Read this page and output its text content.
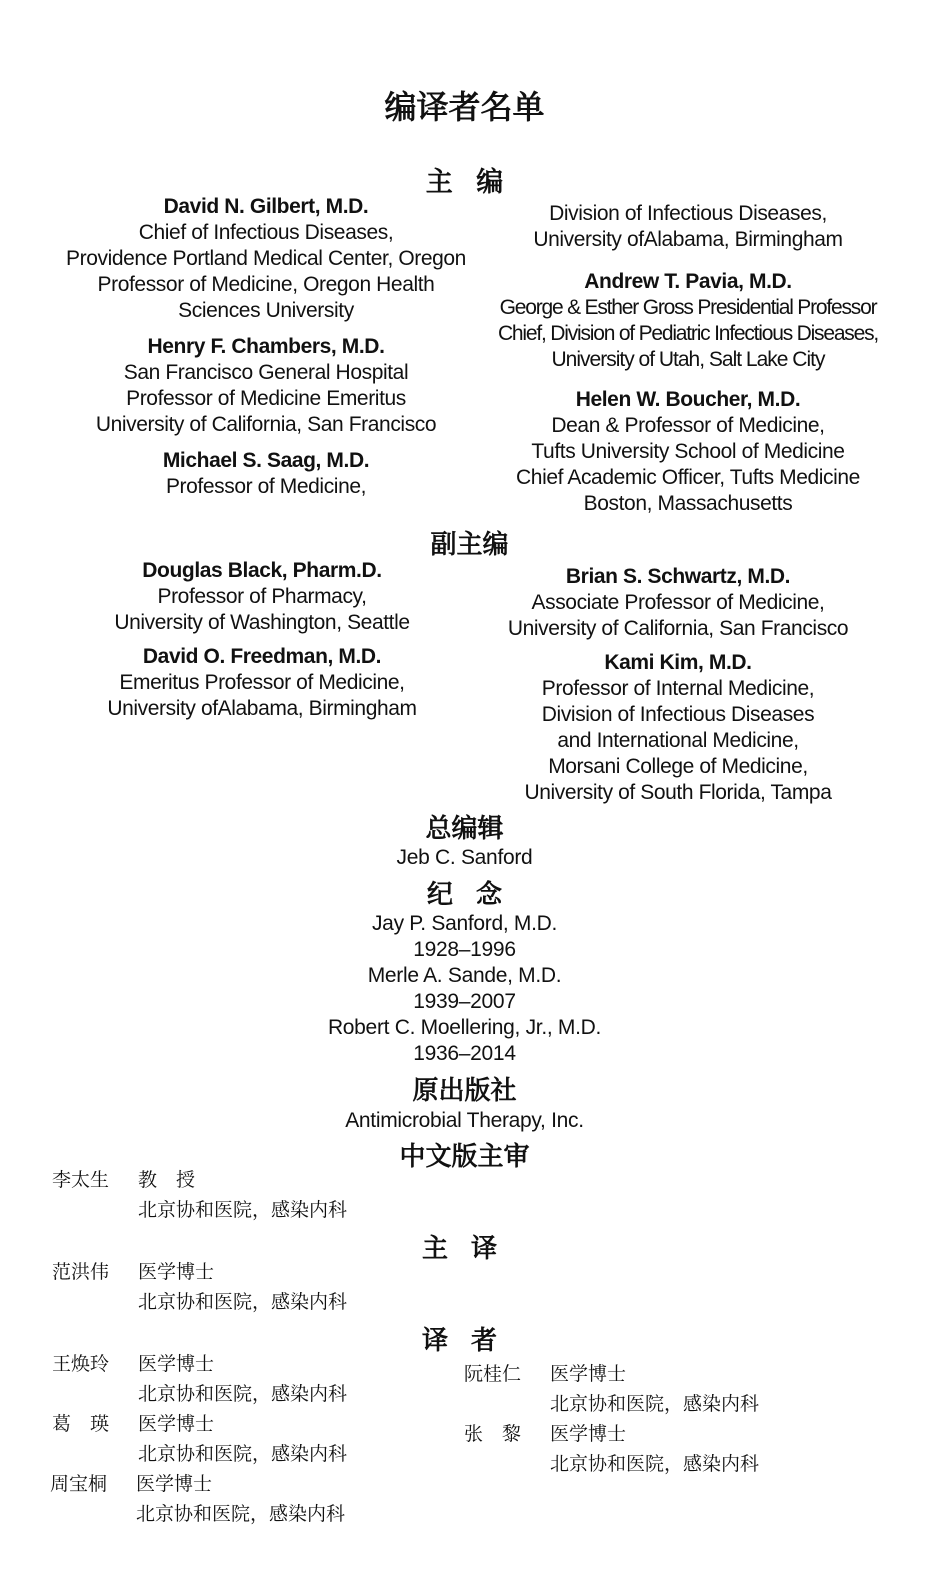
编译者名单
主 编
David N. Gilbert, M.D.
Chief of Infectious Diseases,
Providence Portland Medical Center, Oregon
Professor of Medicine, Oregon Health
Sciences University
Henry F. Chambers, M.D.
San Francisco General Hospital
Professor of Medicine Emeritus
University of California, San Francisco
Michael S. Saag, M.D.
Professor of Medicine,
Division of Infectious Diseases,
University ofAlabama, Birmingham
Andrew T. Pavia, M.D.
George & Esther Gross Presidential Professor
Chief, Division of Pediatric Infectious Diseases,
University of Utah, Salt Lake City
Helen W. Boucher, M.D.
Dean & Professor of Medicine,
Tufts University School of Medicine
Chief Academic Officer, Tufts Medicine
Boston, Massachusetts
副主编
Douglas Black, Pharm.D.
Professor of Pharmacy,
University of Washington, Seattle
David O. Freedman, M.D.
Emeritus Professor of Medicine,
University ofAlabama, Birmingham
Brian S. Schwartz, M.D.
Associate Professor of Medicine,
University of California, San Francisco
Kami Kim, M.D.
Professor of Internal Medicine,
Division of Infectious Diseases
and International Medicine,
Morsani College of Medicine,
University of South Florida, Tampa
总编辑
Jeb C. Sanford
纪 念
Jay P. Sanford, M.D.
1928–1996
Merle A. Sande, M.D.
1939–2007
Robert C. Moellering, Jr., M.D.
1936–2014
原出版社
Antimicrobial Therapy, Inc.
中文版主审
李太生 教　授
北京协和医院，感染内科
主 译
范洪伟 医学博士
北京协和医院，感染内科
译 者
王焕玲 医学博士
北京协和医院，感染内科
葛　瑛 医学博士
北京协和医院，感染内科
周宝桐 医学博士
北京协和医院，感染内科
阮桂仁 医学博士
北京协和医院，感染内科
张　黎 医学博士
北京协和医院，感染内科
